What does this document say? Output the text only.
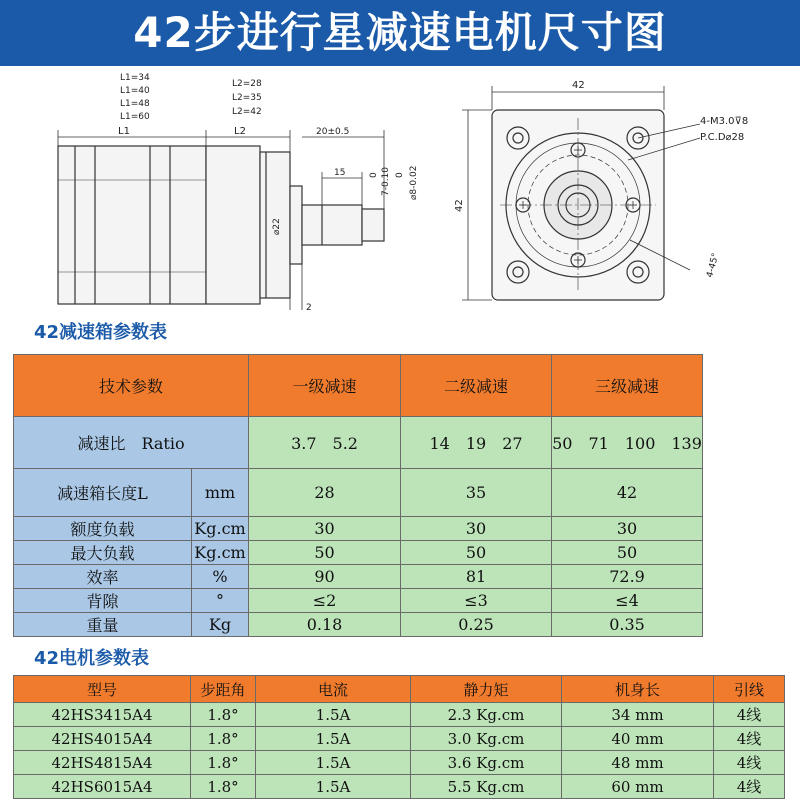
42步进行星减速电机尺寸图
L1=34
L1=40
L1=48
L1=60
L2=28
L2=35
L2=42
L1	L2	20±0.5
15	0 7-0.10 0 ⌀8-0.02
⌀22
2
42
42
4-M3.0⊽8
P.C.D⌀28
4-45°
42减速箱参数表
技术参数		一级减速	二级减速	三级减速
减速比　Ratio		3.7　5.2	14　19　27	50　71　100　139
减速箱长度L	mm	28	35	42
额度负载	Kg.cm	30	30	30
最大负载	Kg.cm	50	50	50
效率	%	90	81	72.9
背隙	°	≤2	≤3	≤4
重量	Kg	0.18	0.25	0.35
42电机参数表
型号	步距角	电流	静力矩	机身长	引线
42HS3415A4	1.8°	1.5A	2.3 Kg.cm	34 mm	4线
42HS4015A4	1.8°	1.5A	3.0 Kg.cm	40 mm	4线
42HS4815A4	1.8°	1.5A	3.6 Kg.cm	48 mm	4线
42HS6015A4	1.8°	1.5A	5.5 Kg.cm	60 mm	4线
